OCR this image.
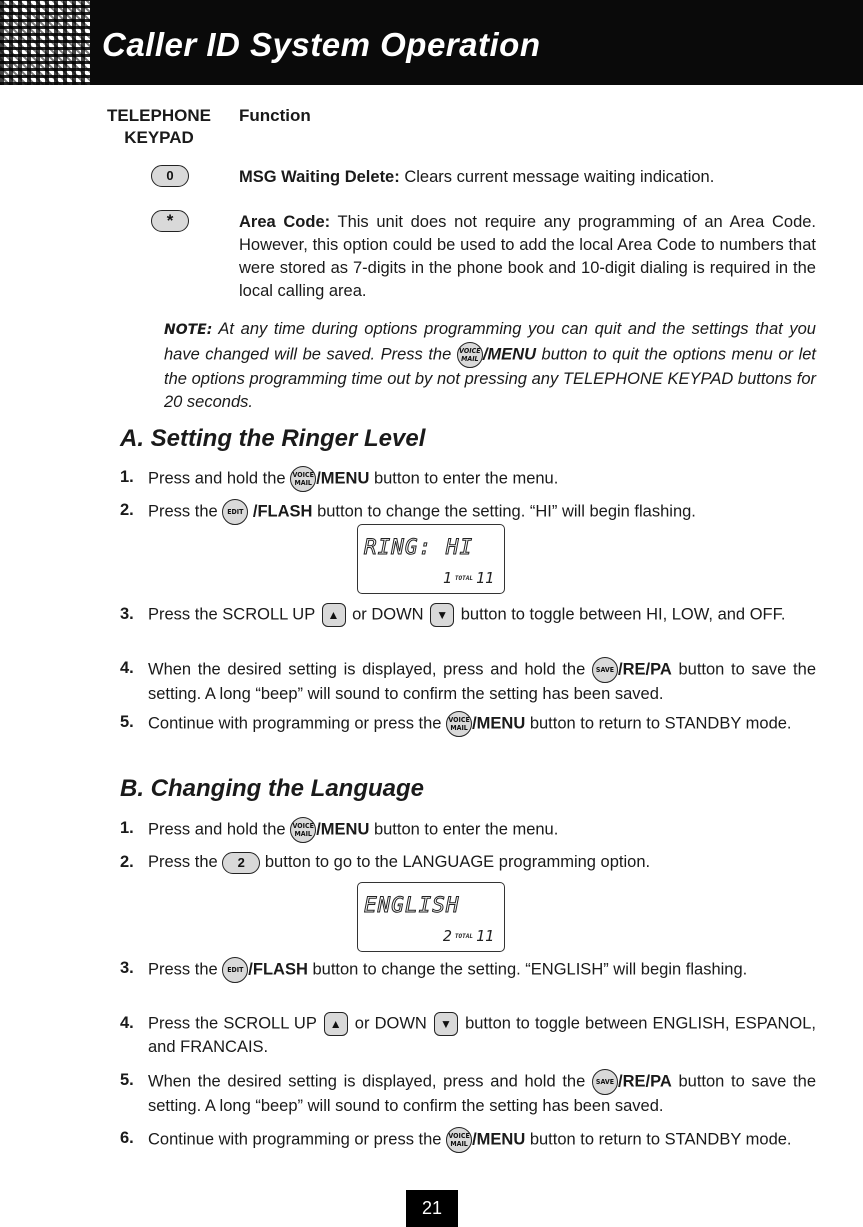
Caller ID System Operation
TELEPHONE
KEYPAD
Function
0	MSG Waiting Delete: Clears current message waiting indication.
*	Area Code: This unit does not require any programming of an Area Code. However, this option could be used to add the local Area Code to numbers that were stored as 7-digits in the phone book and 10-digit dialing is required in the local calling area.
NOTE: At any time during options programming you can quit and the settings that you have changed will be saved. Press the VOICE
MAIL /MENU button to quit the options menu or let the options programming time out by not pressing any TELEPHONE KEYPAD buttons for 20 seconds.
A. Setting the Ringer Level
1. Press and hold the VOICE
MAIL /MENU button to enter the menu.
2. Press the EDIT /FLASH button to change the setting. “HI” will begin flashing.
RING: HI
1 TOTAL 11
3. Press the SCROLL UP ▲ or DOWN ▼ button to toggle between HI, LOW, and OFF.
4. When the desired setting is displayed, press and hold the SAVE /RE/PA button to save the setting. A long “beep” will sound to confirm the setting has been saved.
5. Continue with programming or press the VOICE
MAIL /MENU button to return to STANDBY mode.
B. Changing the Language
1. Press and hold the VOICE
MAIL /MENU button to enter the menu.
2. Press the 2 button to go to the LANGUAGE programming option.
ENGLISH
2 TOTAL 11
3. Press the EDIT /FLASH button to change the setting. “ENGLISH” will begin flashing.
4. Press the SCROLL UP ▲ or DOWN ▼ button to toggle between ENGLISH, ESPANOL, and FRANCAIS.
5. When the desired setting is displayed, press and hold the SAVE /RE/PA button to save the setting. A long “beep” will sound to confirm the setting has been saved.
6. Continue with programming or press the VOICE
MAIL /MENU button to return to STANDBY mode.
21
